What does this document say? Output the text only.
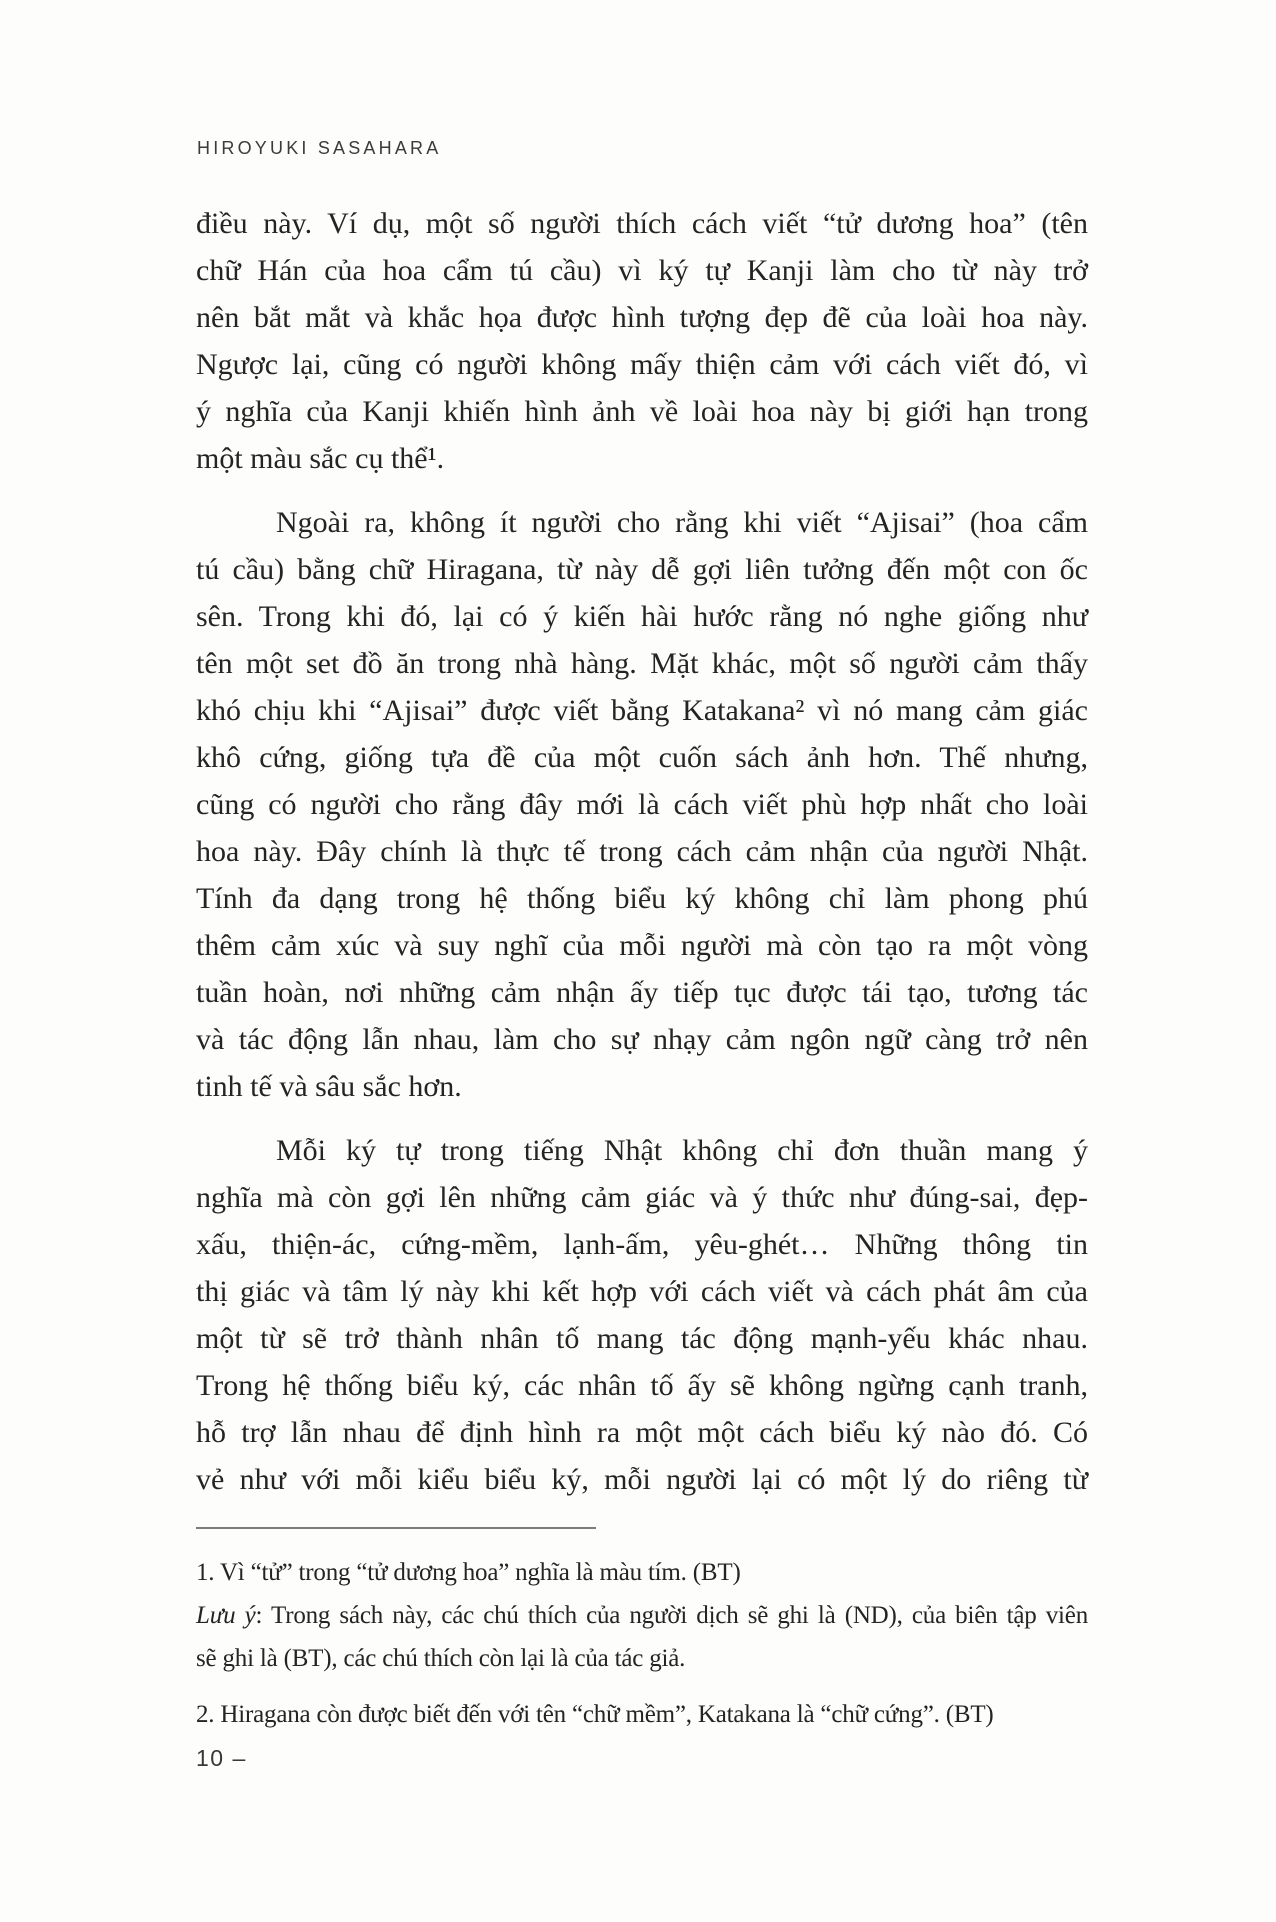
HIROYUKI SASAHARA
điều này. Ví dụ, một số người thích cách viết “tử dương hoa” (tên
chữ Hán của hoa cẩm tú cầu) vì ký tự Kanji làm cho từ này trở
nên bắt mắt và khắc họa được hình tượng đẹp đẽ của loài hoa này.
Ngược lại, cũng có người không mấy thiện cảm với cách viết đó, vì
ý nghĩa của Kanji khiến hình ảnh về loài hoa này bị giới hạn trong
một màu sắc cụ thể¹.
Ngoài ra, không ít người cho rằng khi viết “Ajisai” (hoa cẩm
tú cầu) bằng chữ Hiragana, từ này dễ gợi liên tưởng đến một con ốc
sên. Trong khi đó, lại có ý kiến hài hước rằng nó nghe giống như
tên một set đồ ăn trong nhà hàng. Mặt khác, một số người cảm thấy
khó chịu khi “Ajisai” được viết bằng Katakana² vì nó mang cảm giác
khô cứng, giống tựa đề của một cuốn sách ảnh hơn. Thế nhưng,
cũng có người cho rằng đây mới là cách viết phù hợp nhất cho loài
hoa này. Đây chính là thực tế trong cách cảm nhận của người Nhật.
Tính đa dạng trong hệ thống biểu ký không chỉ làm phong phú
thêm cảm xúc và suy nghĩ của mỗi người mà còn tạo ra một vòng
tuần hoàn, nơi những cảm nhận ấy tiếp tục được tái tạo, tương tác
và tác động lẫn nhau, làm cho sự nhạy cảm ngôn ngữ càng trở nên
tinh tế và sâu sắc hơn.
Mỗi ký tự trong tiếng Nhật không chỉ đơn thuần mang ý
nghĩa mà còn gợi lên những cảm giác và ý thức như đúng-sai, đẹp-
xấu, thiện-ác, cứng-mềm, lạnh-ấm, yêu-ghét… Những thông tin
thị giác và tâm lý này khi kết hợp với cách viết và cách phát âm của
một từ sẽ trở thành nhân tố mang tác động mạnh-yếu khác nhau.
Trong hệ thống biểu ký, các nhân tố ấy sẽ không ngừng cạnh tranh,
hỗ trợ lẫn nhau để định hình ra một một cách biểu ký nào đó. Có
vẻ như với mỗi kiểu biểu ký, mỗi người lại có một lý do riêng từ
1. Vì “tử” trong “tử dương hoa” nghĩa là màu tím. (BT)
Lưu ý: Trong sách này, các chú thích của người dịch sẽ ghi là (ND), của biên tập viên
sẽ ghi là (BT), các chú thích còn lại là của tác giả.
2. Hiragana còn được biết đến với tên “chữ mềm”, Katakana là “chữ cứng”. (BT)
10 –
